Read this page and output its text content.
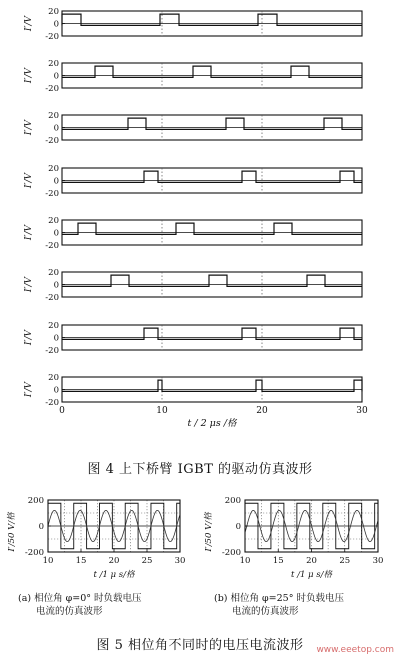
20
0
-20
I′/V
20
0
-20
I′/V
20
0
-20
I′/V
20
0
-20
I′/V
20
0
-20
I′/V
20
0
-20
I′/V
20
0
-20
I′/V
20
0
-20
I′/V
0	10	20	30
t / 2 μs /格
200
0
-200
10	15	20	25	30
I′/50 V/格
t /1 μ s/格
200
0
-200
10	15	20	25	30
I′/50 V/格
t /1 μ s/格

图 4 上下桥臂 IGBT 的驱动仿真波形

(a) 相位角 φ=0° 时负载电压
电流的仿真波形
(b) 相位角 φ=25° 时负载电压
电流的仿真波形

图 5 相位角不同时的电压电流波形	www.eeetop.com
